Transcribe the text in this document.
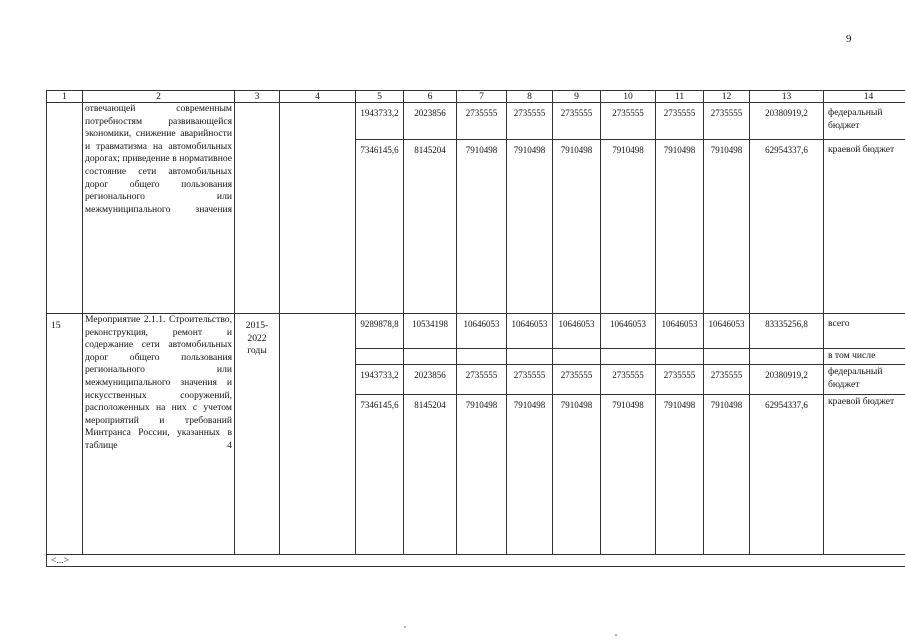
9
1	2	3	4	5	6	7	8	9	10	11	12	13	14
	отвечающей современным потребностям развивающейся экономики, снижение аварийности и травматизма на автомобильных дорогах; приведение в нормативное состояние сети автомобильных дорог общего пользования регионального или межмуниципального значения			1943733,2	2023856	2735555	2735555	2735555	2735555	2735555	2735555	20380919,2	федеральный бюджет
				7346145,6	8145204	7910498	7910498	7910498	7910498	7910498	7910498	62954337,6	краевой бюджет
15	Мероприятие 2.1.1. Строительство, реконструкция, ремонт и содержание сети автомобильных дорог общего пользования регионального или межмуниципального значения и искусственных сооружений, расположенных на них с учетом мероприятий и требований Минтранса России, указанных в таблице 4	2015-2022 годы		9289878,8	10534198	10646053	10646053	10646053	10646053	10646053	10646053	83335256,8	всего
													в том числе
				1943733,2	2023856	2735555	2735555	2735555	2735555	2735555	2735555	20380919,2	федеральный бюджет
				7346145,6	8145204	7910498	7910498	7910498	7910498	7910498	7910498	62954337,6	краевой бюджет
<...>													
